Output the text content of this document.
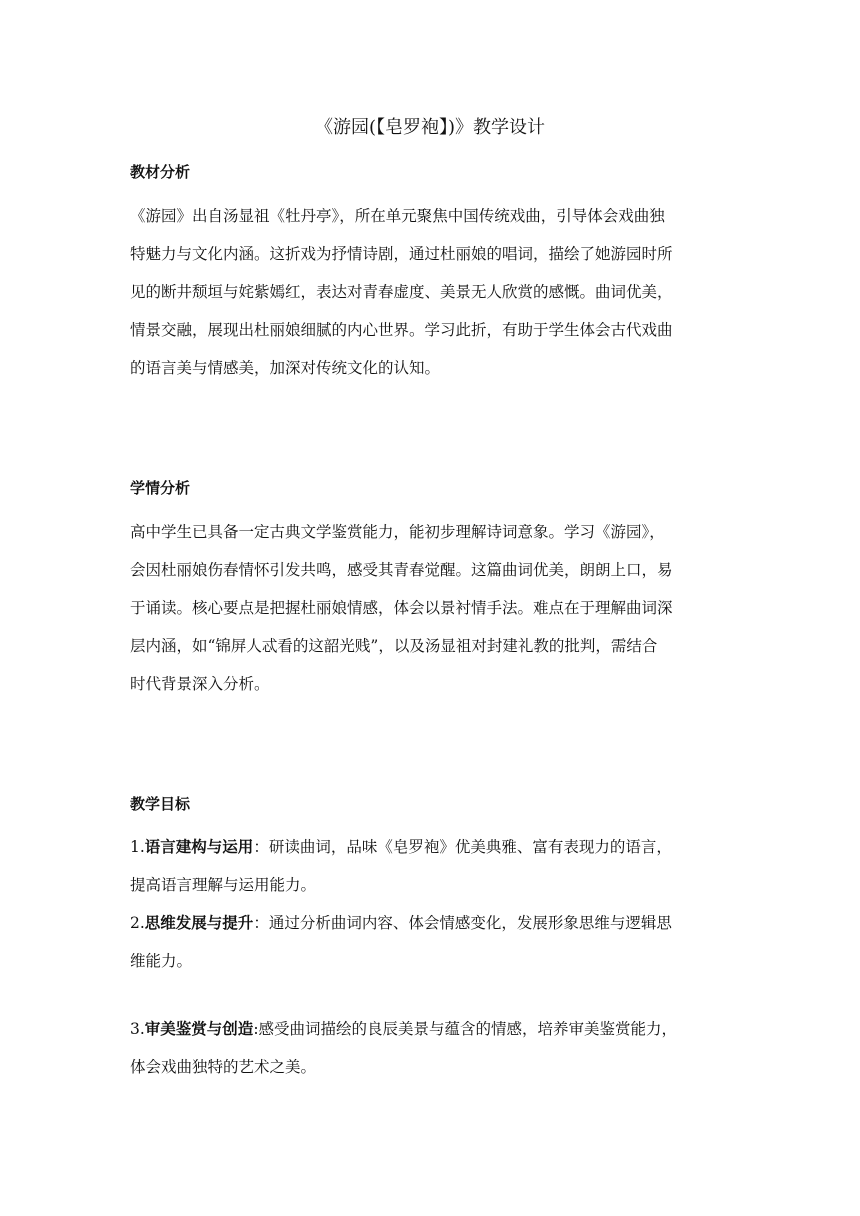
《游园(【皂罗袍】)》教学设计
教材分析
《游园》出自汤显祖《牡丹亭》，所在单元聚焦中国传统戏曲，引导体会戏曲独
特魅力与文化内涵。这折戏为抒情诗剧，通过杜丽娘的唱词，描绘了她游园时所
见的断井颓垣与姹紫嫣红，表达对青春虚度、美景无人欣赏的感慨。曲词优美，
情景交融，展现出杜丽娘细腻的内心世界。学习此折，有助于学生体会古代戏曲
的语言美与情感美，加深对传统文化的认知。
学情分析
高中学生已具备一定古典文学鉴赏能力，能初步理解诗词意象。学习《游园》，
会因杜丽娘伤春情怀引发共鸣，感受其青春觉醒。这篇曲词优美，朗朗上口，易
于诵读。核心要点是把握杜丽娘情感，体会以景衬情手法。难点在于理解曲词深
层内涵，如“锦屏人忒看的这韶光贱”，以及汤显祖对封建礼教的批判，需结合
时代背景深入分析。
教学目标
1.语言建构与运用：研读曲词，品味《皂罗袍》优美典雅、富有表现力的语言，
提高语言理解与运用能力。
2.思维发展与提升：通过分析曲词内容、体会情感变化，发展形象思维与逻辑思
维能力。
3.审美鉴赏与创造:感受曲词描绘的良辰美景与蕴含的情感，培养审美鉴赏能力，
体会戏曲独特的艺术之美。
